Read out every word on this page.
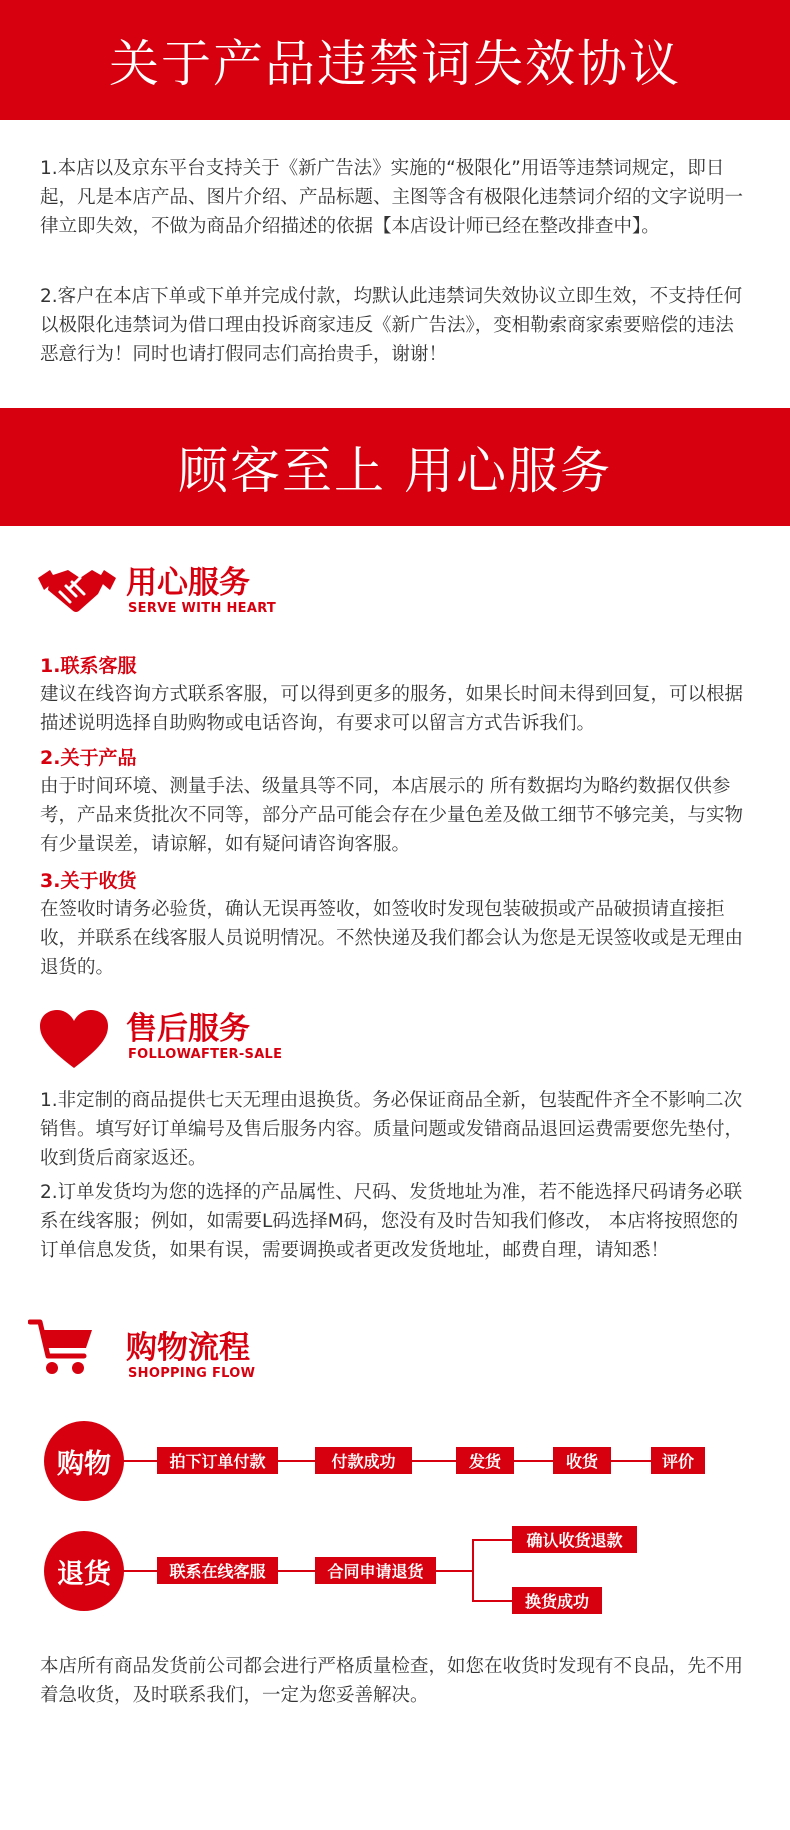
关于产品违禁词失效协议

1.本店以及京东平台支持关于《新广告法》实施的“极限化”用语等违禁词规定，即日起，凡是本店产品、图片介绍、产品标题、主图等含有极限化违禁词介绍的文字说明一律立即失效，不做为商品介绍描述的依据【本店设计师已经在整改排查中】。

2.客户在本店下单或下单并完成付款，均默认此违禁词失效协议立即生效，不支持任何以极限化违禁词为借口理由投诉商家违反《新广告法》，变相勒索商家索要赔偿的违法恶意行为！同时也请打假同志们高抬贵手，谢谢！

顾客至上 用心服务
用心服务
SERVE WITH HEART
1.联系客服

建议在线咨询方式联系客服，可以得到更多的服务，如果长时间未得到回复，可以根据描述说明选择自助购物或电话咨询，有要求可以留言方式告诉我们。

2.关于产品

由于时间环境、测量手法、级量具等不同，本店展示的 所有数据均为略约数据仅供参考，产品来货批次不同等，部分产品可能会存在少量色差及做工细节不够完美，与实物有少量误差，请谅解，如有疑问请咨询客服。

3.关于收货

在签收时请务必验货，确认无误再签收，如签收时发现包装破损或产品破损请直接拒收，并联系在线客服人员说明情况。不然快递及我们都会认为您是无误签收或是无理由退货的。

售后服务
FOLLOWAFTER-SALE

1.非定制的商品提供七天无理由退换货。务必保证商品全新，包装配件齐全不影响二次销售。填写好订单编号及售后服务内容。质量问题或发错商品退回运费需要您先垫付，收到货后商家返还。

2.订单发货均为您的选择的产品属性、尺码、发货地址为准，若不能选择尺码请务必联系在线客服；例如，如需要L码选择M码，您没有及时告知我们修改， 本店将按照您的订单信息发货，如果有误，需要调换或者更改发货地址，邮费自理，请知悉！

购物流程
SHOPPING FLOW
购物	拍下订单付款	付款成功	发货	收货	评价
退货	联系在线客服	合同申请退货
确认收货退款
换货成功

本店所有商品发货前公司都会进行严格质量检查，如您在收货时发现有不良品，先不用着急收货，及时联系我们，一定为您妥善解决。
